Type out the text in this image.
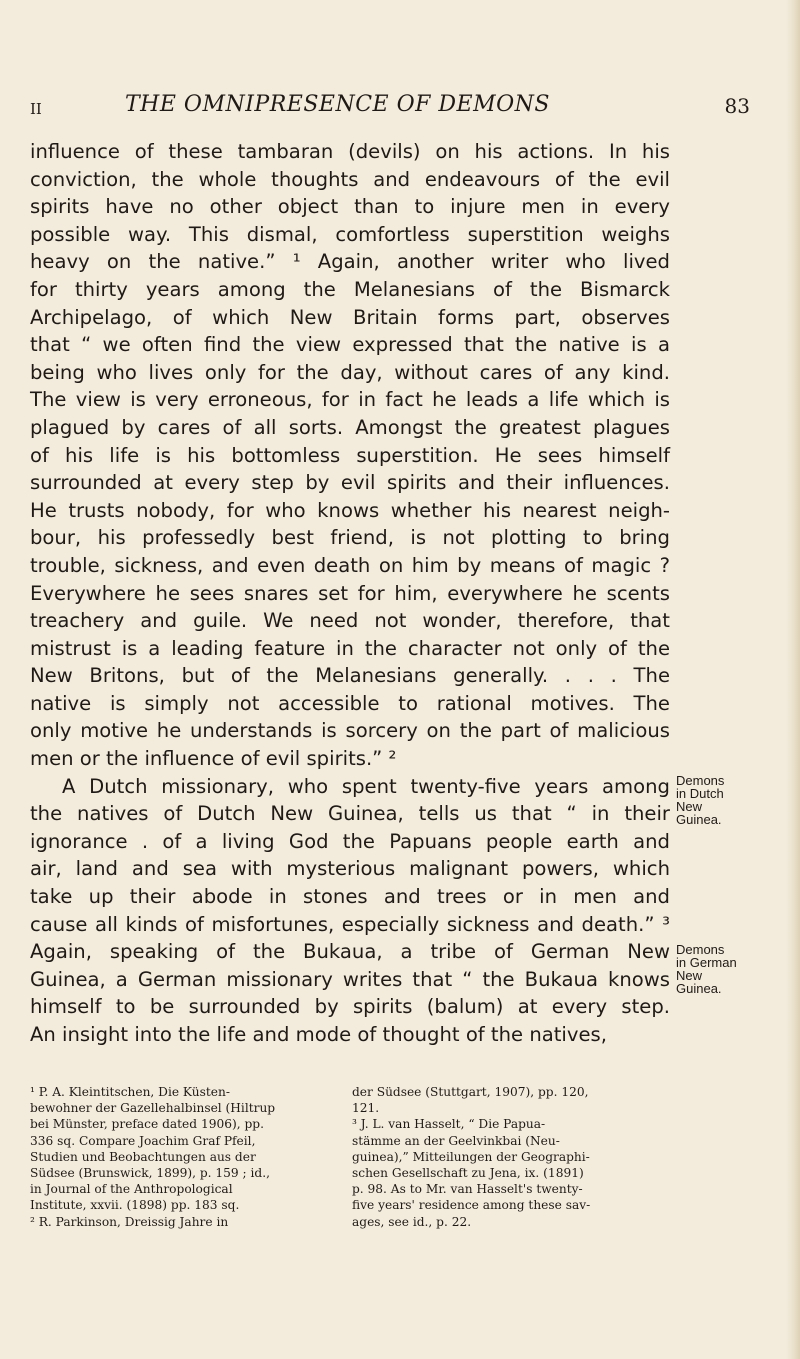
II	THE OMNIPRESENCE OF DEMONS	83
influence of these tambaran (devils) on his actions. In his
conviction, the whole thoughts and endeavours of the evil
spirits have no other object than to injure men in every
possible way. This dismal, comfortless superstition weighs
heavy on the native.” ¹ Again, another writer who lived
for thirty years among the Melanesians of the Bismarck
Archipelago, of which New Britain forms part, observes
that “ we often find the view expressed that the native is a
being who lives only for the day, without cares of any kind.
The view is very erroneous, for in fact he leads a life which is
plagued by cares of all sorts. Amongst the greatest plagues
of his life is his bottomless superstition. He sees himself
surrounded at every step by evil spirits and their influences.
He trusts nobody, for who knows whether his nearest neigh-
bour, his professedly best friend, is not plotting to bring
trouble, sickness, and even death on him by means of magic ?
Everywhere he sees snares set for him, everywhere he scents
treachery and guile. We need not wonder, therefore, that
mistrust is a leading feature in the character not only of the
New Britons, but of the Melanesians generally. . . . The
native is simply not accessible to rational motives. The
only motive he understands is sorcery on the part of malicious
men or the influence of evil spirits.” ²
A Dutch missionary, who spent twenty-five years among
the natives of Dutch New Guinea, tells us that “ in their
ignorance . of a living God the Papuans people earth and
air, land and sea with mysterious malignant powers, which
take up their abode in stones and trees or in men and
cause all kinds of misfortunes, especially sickness and death.” ³
Again, speaking of the Bukaua, a tribe of German New
Guinea, a German missionary writes that “ the Bukaua knows
himself to be surrounded by spirits (balum) at every step.
An insight into the life and mode of thought of the natives,
Demons
in Dutch
New
Guinea.
Demons
in German
New
Guinea.
¹ P. A. Kleintitschen, Die Küsten-
bewohner der Gazellehalbinsel (Hiltrup
bei Münster, preface dated 1906), pp.
336 sq. Compare Joachim Graf Pfeil,
Studien und Beobachtungen aus der
Südsee (Brunswick, 1899), p. 159 ; id.,
in Journal of the Anthropological
Institute, xxvii. (1898) pp. 183 sq.
² R. Parkinson, Dreissig Jahre in
der Südsee (Stuttgart, 1907), pp. 120,
121.
³ J. L. van Hasselt, “ Die Papua-
stämme an der Geelvinkbai (Neu-
guinea),” Mitteilungen der Geographi-
schen Gesellschaft zu Jena, ix. (1891)
p. 98. As to Mr. van Hasselt's twenty-
five years' residence among these sav-
ages, see id., p. 22.
